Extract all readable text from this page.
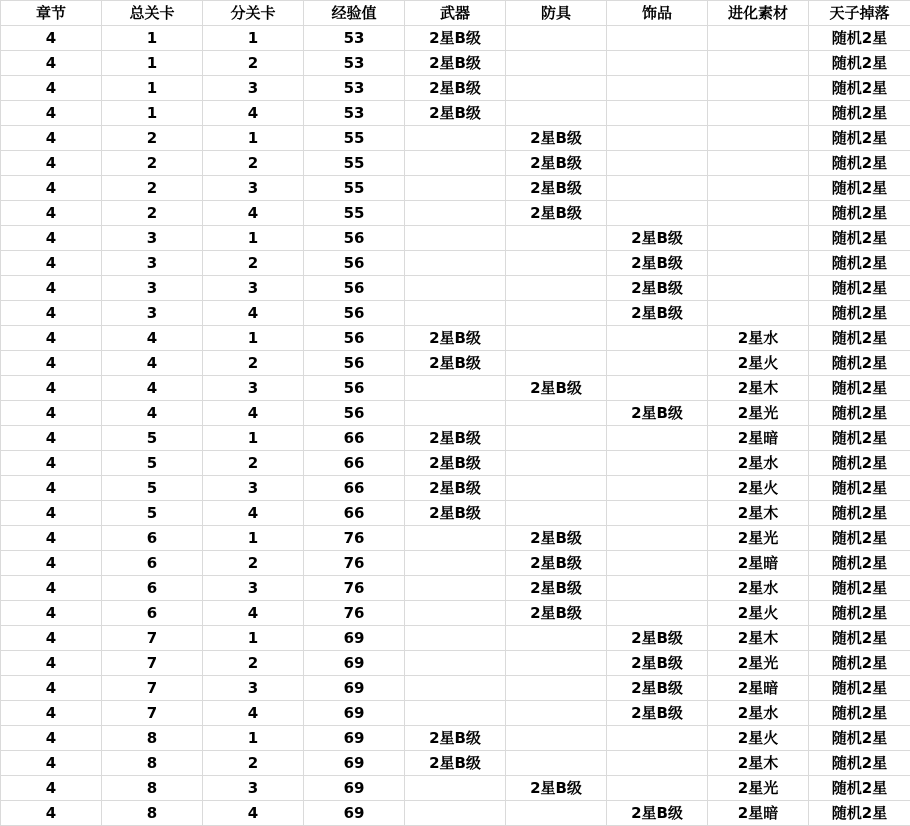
章节	总关卡	分关卡	经验值	武器	防具	饰品	进化素材	天子掉落
4	1	1	53	2星B级				随机2星
4	1	2	53	2星B级				随机2星
4	1	3	53	2星B级				随机2星
4	1	4	53	2星B级				随机2星
4	2	1	55		2星B级			随机2星
4	2	2	55		2星B级			随机2星
4	2	3	55		2星B级			随机2星
4	2	4	55		2星B级			随机2星
4	3	1	56			2星B级		随机2星
4	3	2	56			2星B级		随机2星
4	3	3	56			2星B级		随机2星
4	3	4	56			2星B级		随机2星
4	4	1	56	2星B级			2星水	随机2星
4	4	2	56	2星B级			2星火	随机2星
4	4	3	56		2星B级		2星木	随机2星
4	4	4	56			2星B级	2星光	随机2星
4	5	1	66	2星B级			2星暗	随机2星
4	5	2	66	2星B级			2星水	随机2星
4	5	3	66	2星B级			2星火	随机2星
4	5	4	66	2星B级			2星木	随机2星
4	6	1	76		2星B级		2星光	随机2星
4	6	2	76		2星B级		2星暗	随机2星
4	6	3	76		2星B级		2星水	随机2星
4	6	4	76		2星B级		2星火	随机2星
4	7	1	69			2星B级	2星木	随机2星
4	7	2	69			2星B级	2星光	随机2星
4	7	3	69			2星B级	2星暗	随机2星
4	7	4	69			2星B级	2星水	随机2星
4	8	1	69	2星B级			2星火	随机2星
4	8	2	69	2星B级			2星木	随机2星
4	8	3	69		2星B级		2星光	随机2星
4	8	4	69			2星B级	2星暗	随机2星
